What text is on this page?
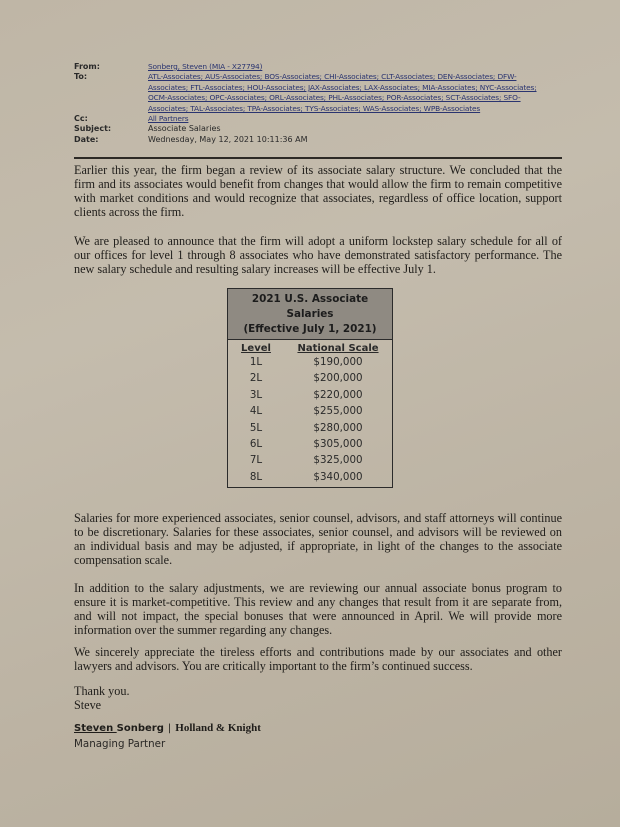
From:	Sonberg, Steven (MIA - X27794)
To:	ATL-Associates; AUS-Associates; BOS-Associates; CHI-Associates; CLT-Associates; DEN-Associates; DFW-
Associates; FTL-Associates; HOU-Associates; JAX-Associates; LAX-Associates; MIA-Associates; NYC-Associates;
OCM-Associates; OPC-Associates; ORL-Associates; PHL-Associates; POR-Associates; SCT-Associates; SFO-
Associates; TAL-Associates; TPA-Associates; TYS-Associates; WAS-Associates; WPB-Associates
Cc:	All Partners
Subject:	Associate Salaries
Date:	Wednesday, May 12, 2021 10:11:36 AM
Earlier this year, the firm began a review of its associate salary structure. We concluded that the firm and its associates would benefit from changes that would allow the firm to remain competitive with market conditions and would recognize that associates, regardless of office location, support clients across the firm.
We are pleased to announce that the firm will adopt a uniform lockstep salary schedule for all of our offices for level 1 through 8 associates who have demonstrated satisfactory performance. The new salary schedule and resulting salary increases will be effective July 1.
2021 U.S. Associate Salaries
(Effective July 1, 2021)
Level	National Scale
1L	$190,000
2L	$200,000
3L	$220,000
4L	$255,000
5L	$280,000
6L	$305,000
7L	$325,000
8L	$340,000
Salaries for more experienced associates, senior counsel, advisors, and staff attorneys will continue to be discretionary. Salaries for these associates, senior counsel, and advisors will be reviewed on an individual basis and may be adjusted, if appropriate, in light of the changes to the associate compensation scale.
In addition to the salary adjustments, we are reviewing our annual associate bonus program to ensure it is market-competitive. This review and any changes that result from it are separate from, and will not impact, the special bonuses that were announced in April. We will provide more information over the summer regarding any changes.
We sincerely appreciate the tireless efforts and contributions made by our associates and other lawyers and advisors. You are critically important to the firm’s continued success.
Thank you.
Steve
Steven Sonberg | Holland & Knight
Managing Partner
